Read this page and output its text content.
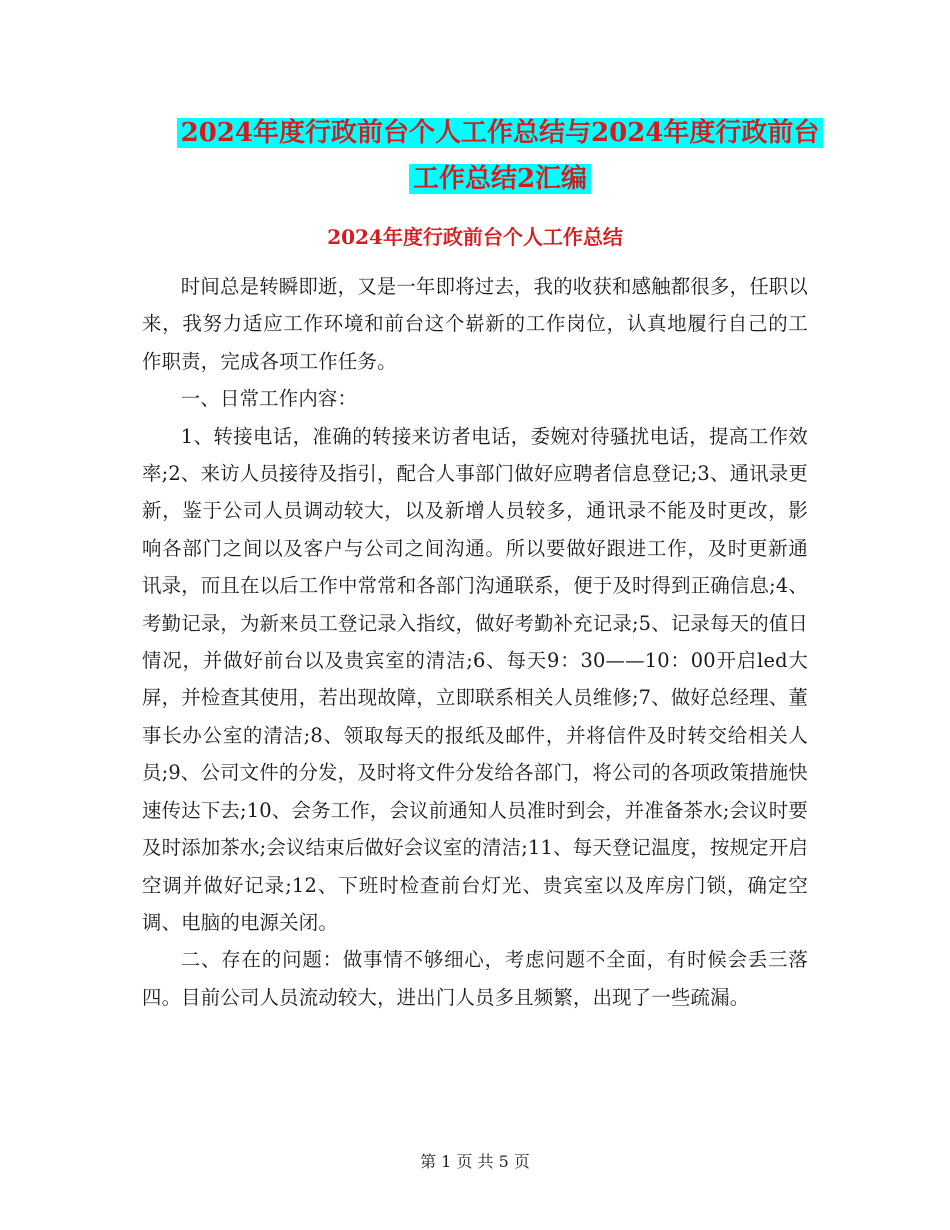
2024年度行政前台个人工作总结与2024年度行政前台
工作总结2汇编
2024年度行政前台个人工作总结

时间总是转瞬即逝，又是一年即将过去，我的收获和感触都很多，任职以来，我努力适应工作环境和前台这个崭新的工作岗位，认真地履行自己的工作职责，完成各项工作任务。

一、日常工作内容：

1、转接电话，准确的转接来访者电话，委婉对待骚扰电话，提高工作效率;2、来访人员接待及指引，配合人事部门做好应聘者信息登记;3、通讯录更新，鉴于公司人员调动较大，以及新增人员较多，通讯录不能及时更改，影响各部门之间以及客户与公司之间沟通。所以要做好跟进工作，及时更新通讯录，而且在以后工作中常常和各部门沟通联系，便于及时得到正确信息;4、考勤记录，为新来员工登记录入指纹，做好考勤补充记录;5、记录每天的值日情况，并做好前台以及贵宾室的清洁;6、每天9：30——10：00开启led大屏，并检查其使用，若出现故障，立即联系相关人员维修;7、做好总经理、董事长办公室的清洁;8、领取每天的报纸及邮件，并将信件及时转交给相关人员;9、公司文件的分发，及时将文件分发给各部门，将公司的各项政策措施快速传达下去;10、会务工作，会议前通知人员准时到会，并准备茶水;会议时要及时添加茶水;会议结束后做好会议室的清洁;11、每天登记温度，按规定开启空调并做好记录;12、下班时检查前台灯光、贵宾室以及库房门锁，确定空调、电脑的电源关闭。

二、存在的问题：做事情不够细心，考虑问题不全面，有时候会丢三落四。目前公司人员流动较大，进出门人员多且频繁，出现了一些疏漏。

第 1 页 共 5 页
